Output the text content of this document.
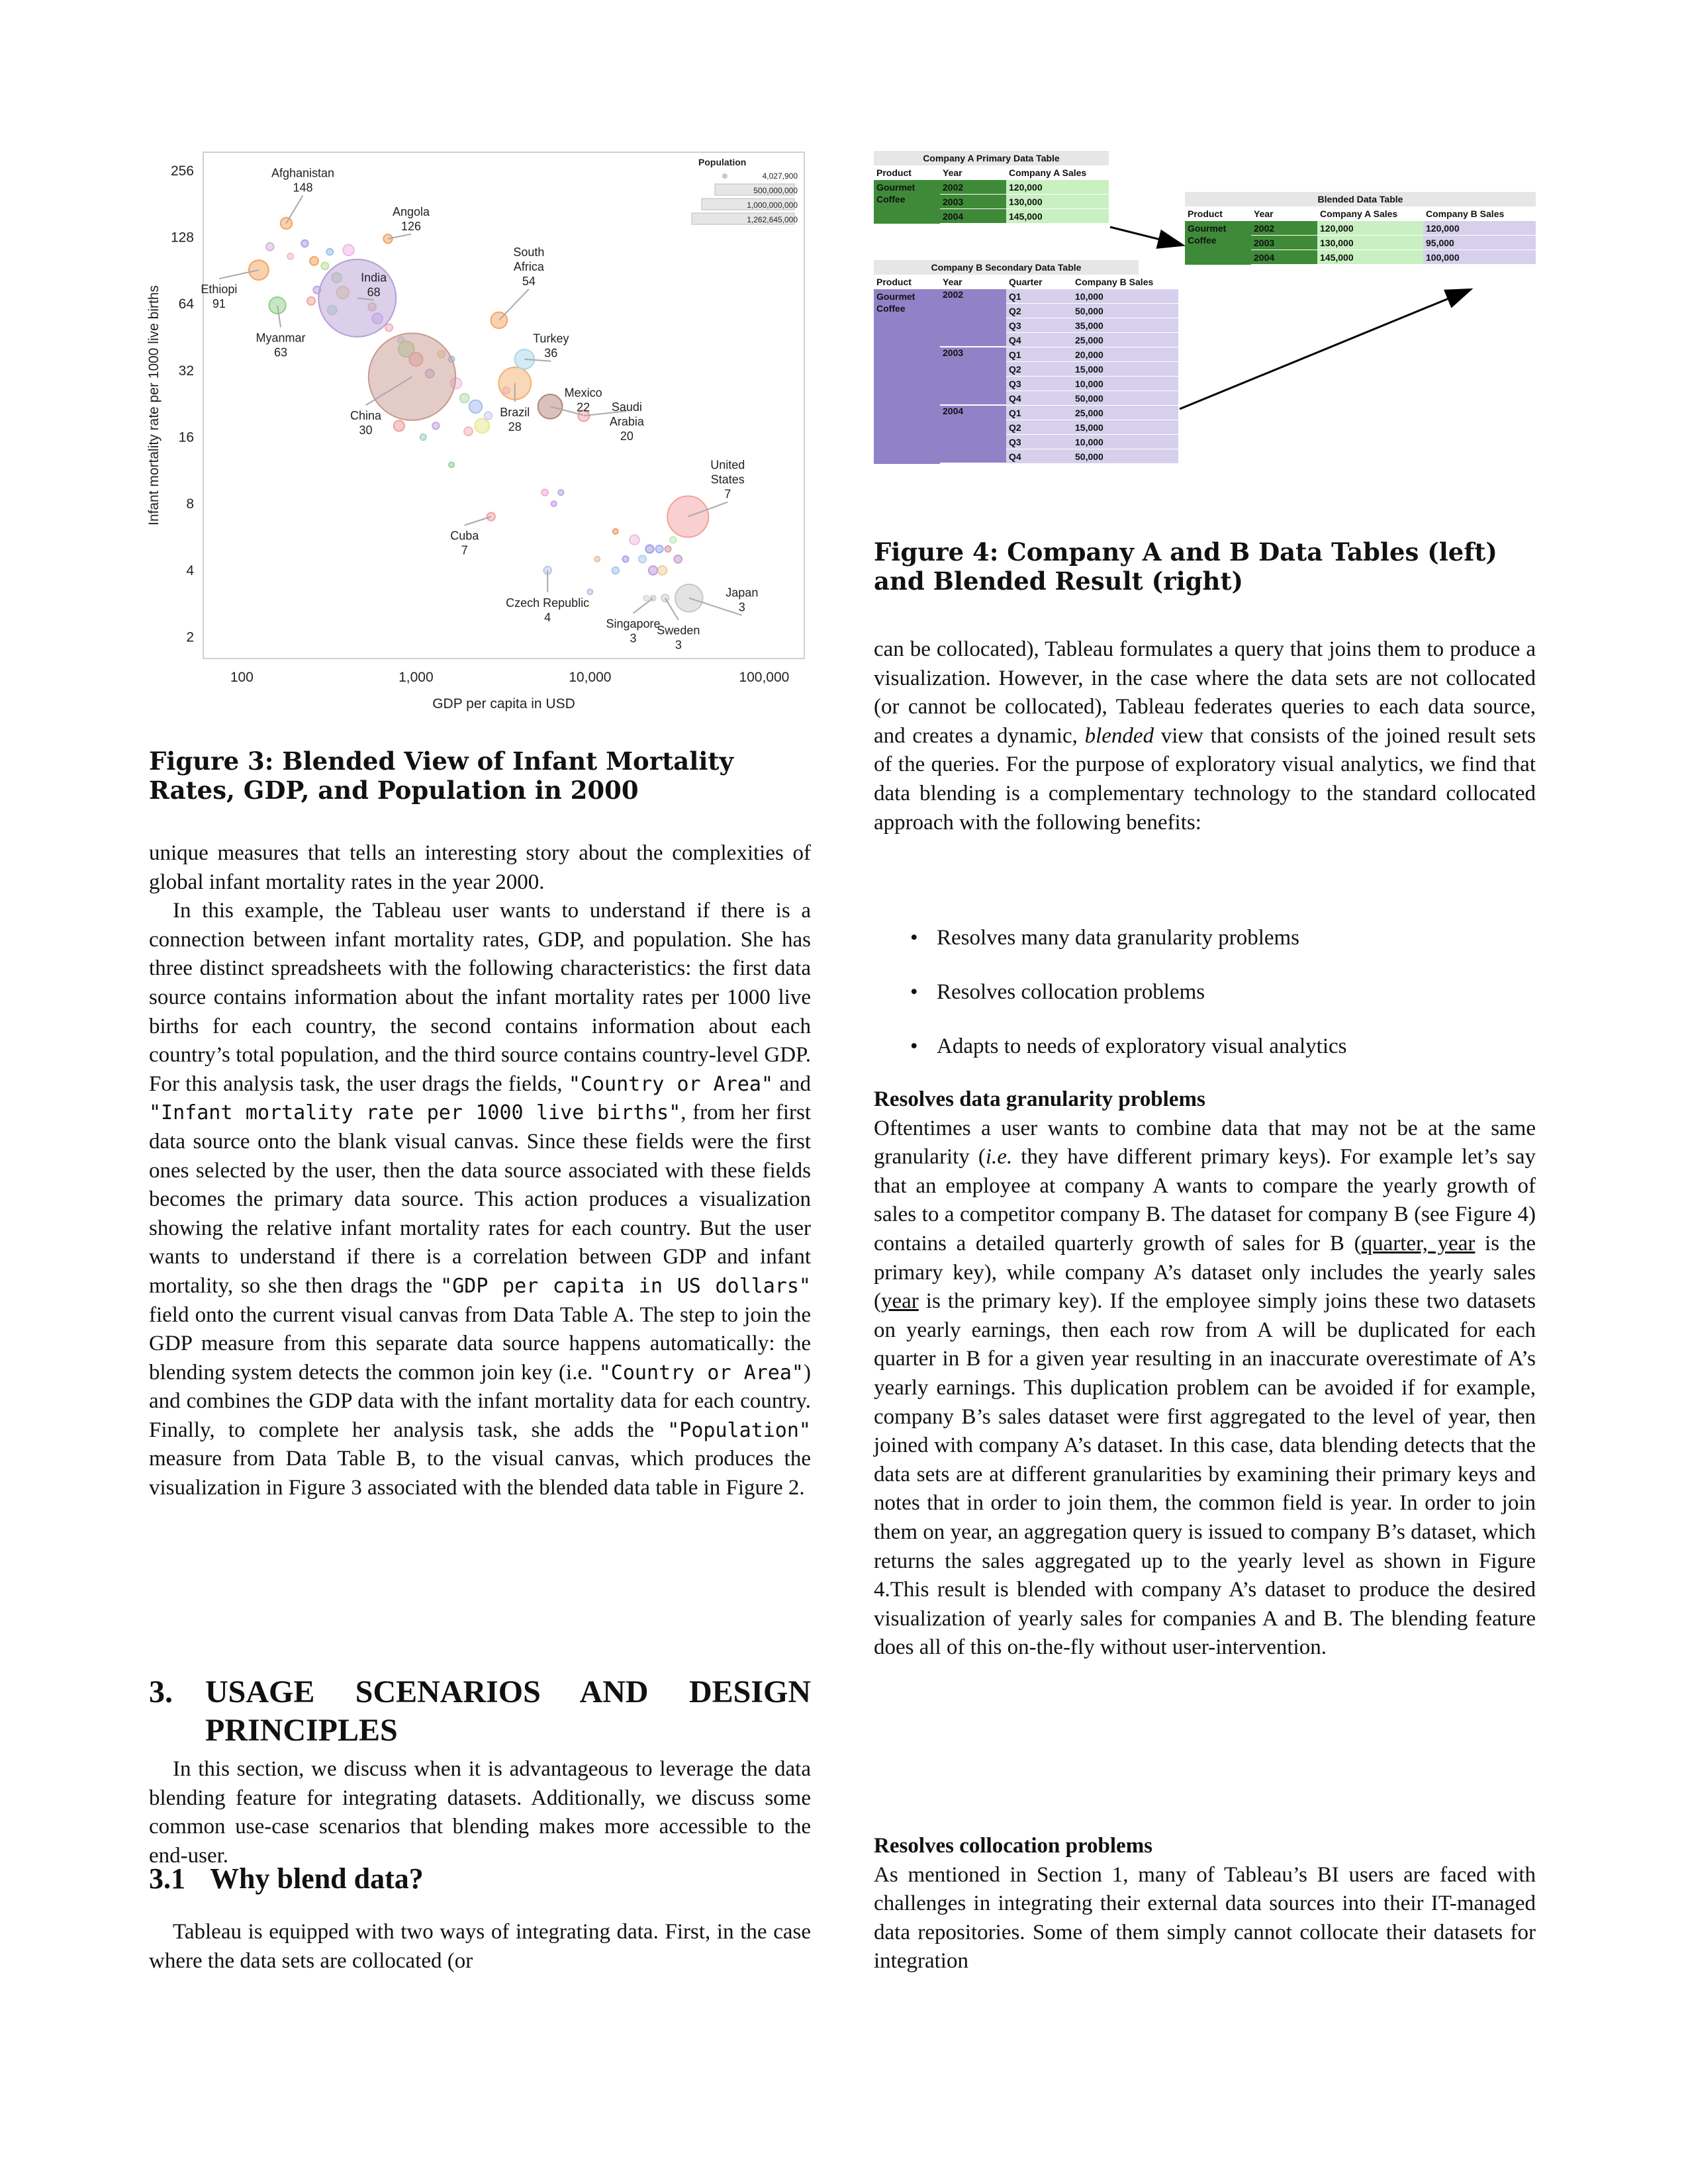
2
4
8
16
32
64
128
256
100	1,000	10,000	100,000
GDP per capita in USD
Infant mortality rate per 1000 live births
Afghanistan
148
Angola
126
Ethiopi
91
India
68
South
Africa
54
Myanmar
63
Turkey
36
Mexico
22
China
30
Brazil
28
Saudi
Arabia
20
United
States
7
Cuba
7
Japan
3
Czech Republic
4	Singapore
3
Sweden
3
Population
4,027,900
500,000,000
1,000,000,000
1,262,645,000
Figure 3: Blended View of Infant Mortality Rates, GDP, and Population in 2000
Company A Primary Data Table
Product	Year	Company A Sales
Gourmet Coffee
2002	120,000
2003	130,000
2004	145,000
Company B Secondary Data Table
Product	Year	Quarter	Company B Sales
Gourmet Coffee
2002	Q1	10,000
Q2	50,000
Q3	35,000
Q4	25,000
2003	Q1	20,000
Q2	15,000
Q3	10,000
Q4	50,000
2004	Q1	25,000
Q2	15,000
Q3	10,000
Q4	50,000
Blended Data Table
Product	Year	Company A Sales	Company B Sales
Gourmet Coffee
2002	120,000	120,000
2003	130,000	95,000
2004	145,000	100,000
Figure 4: Company A and B Data Tables (left) and Blended Result (right)

unique measures that tells an interesting story about the complexities of global infant mortality rates in the year 2000.

In this example, the Tableau user wants to understand if there is a connection between infant mortality rates, GDP, and population. She has three distinct spreadsheets with the following characteristics: the first data source contains information about the infant mortality rates per 1000 live births for each country, the second contains information about each country’s total population, and the third source contains country-level GDP. For this analysis task, the user drags the fields, "Country or Area" and "Infant mortality rate per 1000 live births", from her first data source onto the blank visual canvas. Since these fields were the first ones selected by the user, then the data source associated with these fields becomes the primary data source. This action produces a visualization showing the relative infant mortality rates for each country. But the user wants to understand if there is a correlation between GDP and infant mortality, so she then drags the "GDP per capita in US dollars" field onto the current visual canvas from Data Table A. The step to join the GDP measure from this separate data source happens automatically: the blending system detects the common join key (i.e. "Country or Area") and combines the GDP data with the infant mortality data for each country. Finally, to complete her analysis task, she adds the "Population" measure from Data Table B, to the visual canvas, which produces the visualization in Figure 3 associated with the blended data table in Figure 2.

3.	USAGE SCENARIOS AND DESIGN PRINCIPLES

In this section, we discuss when it is advantageous to leverage the data blending feature for integrating datasets. Additionally, we discuss some common use-case scenarios that blending makes more accessible to the end-user.

3.1 Why blend data?

Tableau is equipped with two ways of integrating data. First, in the case where the data sets are collocated (or

can be collocated), Tableau formulates a query that joins them to produce a visualization. However, in the case where the data sets are not collocated (or cannot be collocated), Tableau federates queries to each data source, and creates a dynamic, blended view that consists of the joined result sets of the queries. For the purpose of exploratory visual analytics, we find that data blending is a complementary technology to the standard collocated approach with the following benefits:

• Resolves many data granularity problems
• Resolves collocation problems
• Adapts to needs of exploratory visual analytics
Resolves data granularity problems

Oftentimes a user wants to combine data that may not be at the same granularity (i.e. they have different primary keys). For example let’s say that an employee at company A wants to compare the yearly growth of sales to a competitor company B. The dataset for company B (see Figure 4) contains a detailed quarterly growth of sales for B (quarter, year is the primary key), while company A’s dataset only includes the yearly sales (year is the primary key). If the employee simply joins these two datasets on yearly earnings, then each row from A will be duplicated for each quarter in B for a given year resulting in an inaccurate overestimate of A’s yearly earnings. This duplication problem can be avoided if for example, company B’s sales dataset were first aggregated to the level of year, then joined with company A’s dataset. In this case, data blending detects that the data sets are at different granularities by examining their primary keys and notes that in order to join them, the common field is year. In order to join them on year, an aggregation query is issued to company B’s dataset, which returns the sales aggregated up to the yearly level as shown in Figure 4.This result is blended with company A’s dataset to produce the desired visualization of yearly sales for companies A and B. The blending feature does all of this on-the-fly without user-intervention.

Resolves collocation problems

As mentioned in Section 1, many of Tableau’s BI users are faced with challenges in integrating their external data sources into their IT-managed data repositories. Some of them simply cannot collocate their datasets for integration
